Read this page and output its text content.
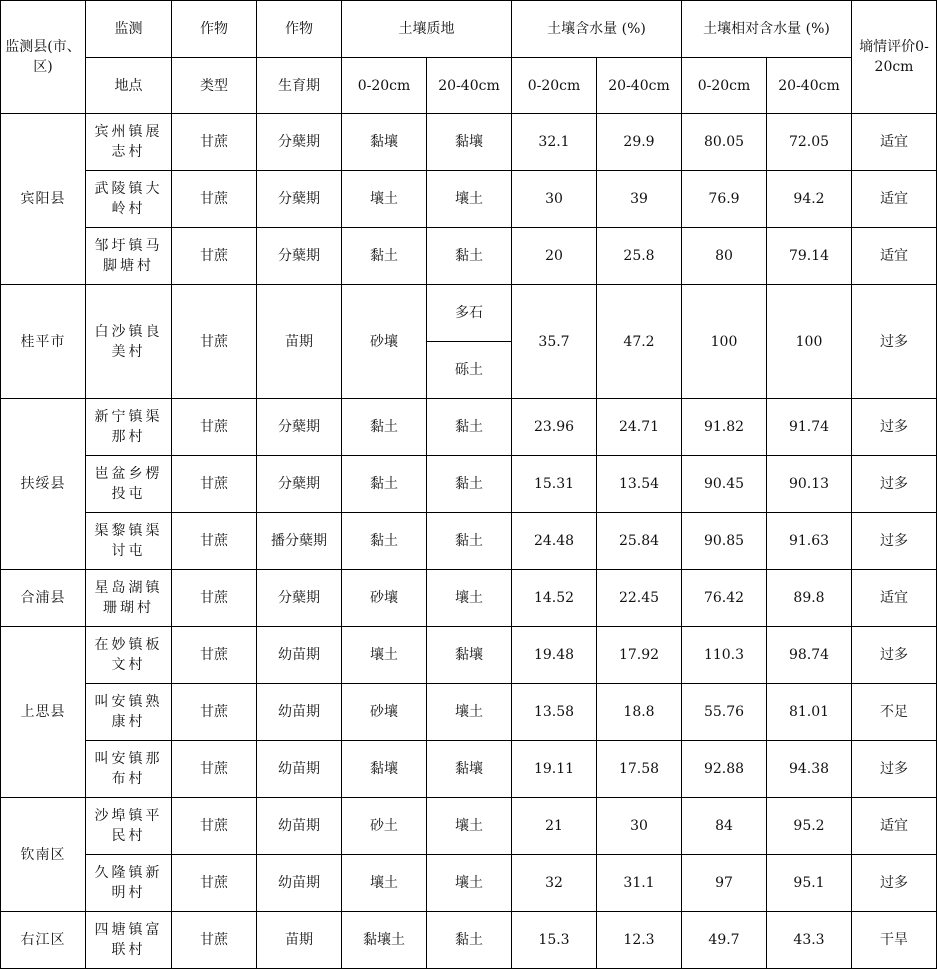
监测县(市、区)	监测	作物	作物	土壤质地		土壤含水量 (%)		土壤相对含水量 (%)		墒情评价0-20cm
	地点	类型	生育期	0-20cm	20-40cm	0-20cm	20-40cm	0-20cm	20-40cm	
宾阳县	宾州镇展志村	甘蔗	分蘖期	黏壤	黏壤	32.1	29.9	80.05	72.05	适宜
	武陵镇大岭村	甘蔗	分蘖期	壤土	壤土	30	39	76.9	94.2	适宜
	邹圩镇马脚塘村	甘蔗	分蘖期	黏土	黏土	20	25.8	80	79.14	适宜
桂平市	白沙镇良美村	甘蔗	苗期	砂壤	多石	35.7	47.2	100	100	过多
					砾土					
扶绥县	新宁镇渠那村	甘蔗	分蘖期	黏土	黏土	23.96	24.71	91.82	91.74	过多
	岜盆乡楞投屯	甘蔗	分蘖期	黏土	黏土	15.31	13.54	90.45	90.13	过多
	渠黎镇渠讨屯	甘蔗	播分蘖期	黏土	黏土	24.48	25.84	90.85	91.63	过多
合浦县	星岛湖镇珊瑚村	甘蔗	分蘖期	砂壤	壤土	14.52	22.45	76.42	89.8	适宜
上思县	在妙镇板文村	甘蔗	幼苗期	壤土	黏壤	19.48	17.92	110.3	98.74	过多
	叫安镇熟康村	甘蔗	幼苗期	砂壤	壤土	13.58	18.8	55.76	81.01	不足
	叫安镇那布村	甘蔗	幼苗期	黏壤	黏壤	19.11	17.58	92.88	94.38	过多
钦南区	沙埠镇平民村	甘蔗	幼苗期	砂土	壤土	21	30	84	95.2	适宜
	久隆镇新明村	甘蔗	幼苗期	壤土	壤土	32	31.1	97	95.1	过多
右江区	四塘镇富联村	甘蔗	苗期	黏壤土	黏土	15.3	12.3	49.7	43.3	干旱
